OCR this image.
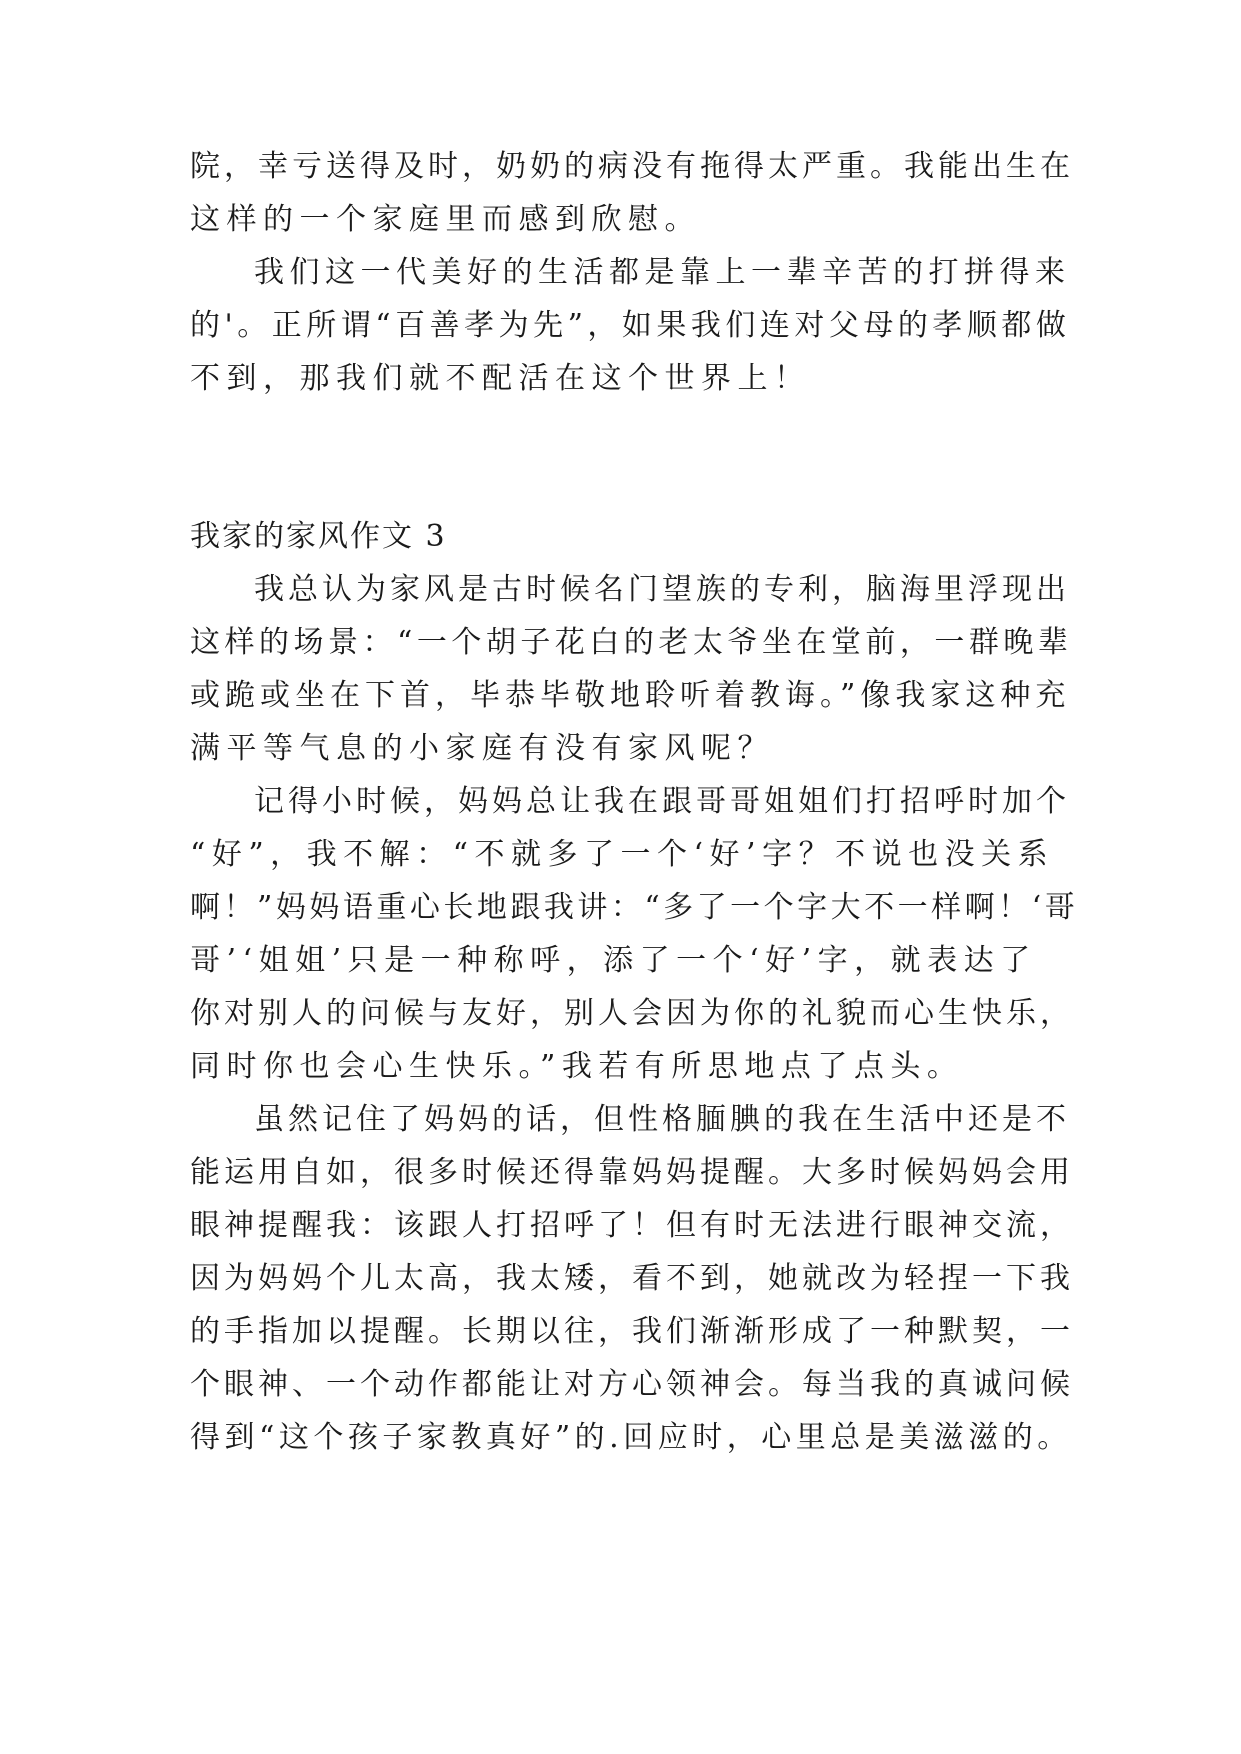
院，幸亏送得及时，奶奶的病没有拖得太严重。我能出生在
这样的一个家庭里而感到欣慰。
我们这一代美好的生活都是靠上一辈辛苦的打拼得来
的'。正所谓“百善孝为先”，如果我们连对父母的孝顺都做
不到，那我们就不配活在这个世界上！
我家的家风作文 3
我总认为家风是古时候名门望族的专利，脑海里浮现出
这样的场景：“一个胡子花白的老太爷坐在堂前，一群晚辈
或跪或坐在下首，毕恭毕敬地聆听着教诲。”像我家这种充
满平等气息的小家庭有没有家风呢？
记得小时候，妈妈总让我在跟哥哥姐姐们打招呼时加个
“好”，我不解：“不就多了一个‘好’字？不说也没关系
啊！”妈妈语重心长地跟我讲：“多了一个字大不一样啊！‘哥
哥’‘姐姐’只是一种称呼，添了一个‘好’字，就表达了
你对别人的问候与友好，别人会因为你的礼貌而心生快乐，
同时你也会心生快乐。”我若有所思地点了点头。
虽然记住了妈妈的话，但性格腼腆的我在生活中还是不
能运用自如，很多时候还得靠妈妈提醒。大多时候妈妈会用
眼神提醒我：该跟人打招呼了！但有时无法进行眼神交流，
因为妈妈个儿太高，我太矮，看不到，她就改为轻捏一下我
的手指加以提醒。长期以往，我们渐渐形成了一种默契，一
个眼神、一个动作都能让对方心领神会。每当我的真诚问候
得到“这个孩子家教真好”的.回应时，心里总是美滋滋的。
